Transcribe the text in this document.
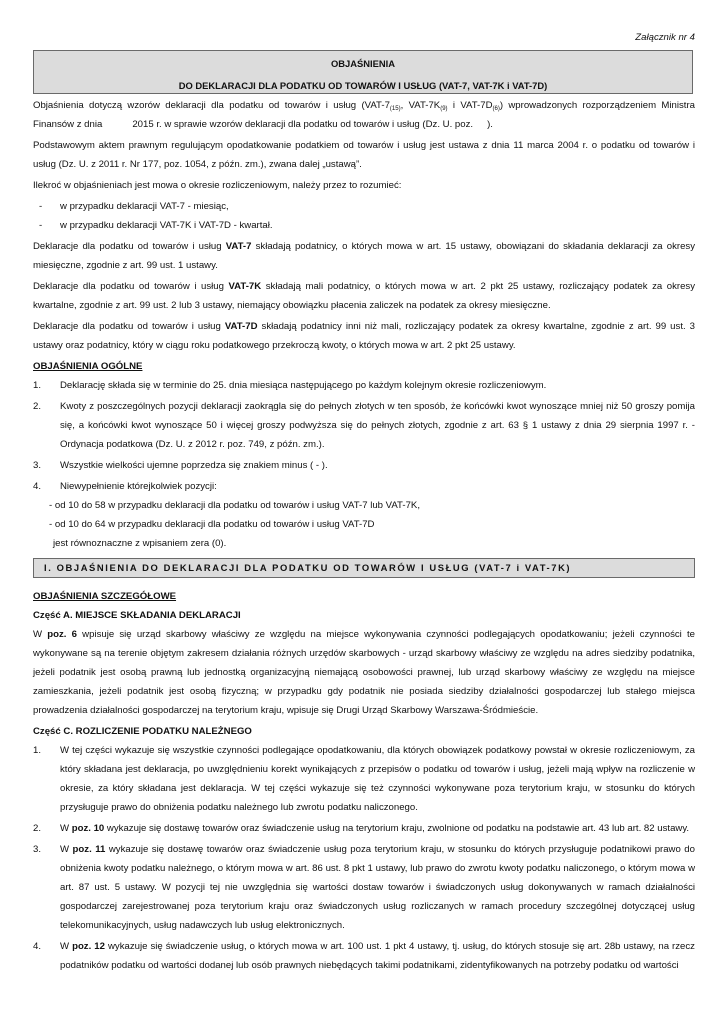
Załącznik nr 4
OBJAŚNIENIA
DO DEKLARACJI DLA PODATKU OD TOWARÓW I USŁUG (VAT-7, VAT-7K i VAT-7D)

Objaśnienia dotyczą wzorów deklaracji dla podatku od towarów i usług ($VAT-7_{(15)}$, VAT-$7K_{(9)}$ i VAT-$7D_{(6)}$) wprowadzonych rozporządzeniem Ministra Finansów z dnia	2015 r. w sprawie wzorów deklaracji dla podatku od towarów i usług (Dz. U. poz. ).

Podstawowym aktem prawnym regulującym opodatkowanie podatkiem od towarów i usług jest ustawa z dnia 11 marca 2004 r. o podatku od towarów i usług (Dz. U. z 2011 r. Nr 177, poz. 1054, z późn. zm.), zwana dalej „ustawą”.

Ilekroć w objaśnieniach jest mowa o okresie rozliczeniowym, należy przez to rozumieć:

- w przypadku deklaracji VAT-7 - miesiąc,
- w przypadku deklaracji VAT-7K i VAT-7D - kwartał.

Deklaracje dla podatku od towarów i usług VAT-7 składają podatnicy, o których mowa w art. 15 ustawy, obowiązani do składania deklaracji za okresy miesięczne, zgodnie z art. 99 ust. 1 ustawy.

Deklaracje dla podatku od towarów i usług VAT-7K składają mali podatnicy, o których mowa w art. 2 pkt 25 ustawy, rozliczający podatek za okresy kwartalne, zgodnie z art. 99 ust. 2 lub 3 ustawy, niemający obowiązku płacenia zaliczek na podatek za okresy miesięczne.

Deklaracje dla podatku od towarów i usług VAT-7D składają podatnicy inni niż mali, rozliczający podatek za okresy kwartalne, zgodnie z art. 99 ust. 3 ustawy oraz podatnicy, który w ciągu roku podatkowego przekroczą kwoty, o których mowa w art. 2 pkt 25 ustawy.

OBJAŚNIENIA OGÓLNE

1. Deklarację składa się w terminie do 25. dnia miesiąca następującego po każdym kolejnym okresie rozliczeniowym.
2. Kwoty z poszczególnych pozycji deklaracji zaokrągla się do pełnych złotych w ten sposób, że końcówki kwot wynoszące mniej niż 50 groszy pomija się, a końcówki kwot wynoszące 50 i więcej groszy podwyższa się do pełnych złotych, zgodnie z art. 63 § 1 ustawy z dnia 29 sierpnia 1997 r. - Ordynacja podatkowa (Dz. U. z 2012 r. poz. 749, z późn. zm.).
3. Wszystkie wielkości ujemne poprzedza się znakiem minus ( - ).
4. Niewypełnienie którejkolwiek pozycji:
- od 10 do 58 w przypadku deklaracji dla podatku od towarów i usług VAT-7 lub VAT-7K,
- od 10 do 64 w przypadku deklaracji dla podatku od towarów i usług VAT-7D
jest równoznaczne z wpisaniem zera (0).
I. OBJAŚNIENIA DO DEKLARACJI DLA PODATKU OD TOWARÓW I USŁUG (VAT-7 i VAT-7K)

OBJAŚNIENIA SZCZEGÓŁOWE

Część A. MIEJSCE SKŁADANIA DEKLARACJI

W poz. 6 wpisuje się urząd skarbowy właściwy ze względu na miejsce wykonywania czynności podlegających opodatkowaniu; jeżeli czynności te wykonywane są na terenie objętym zakresem działania różnych urzędów skarbowych - urząd skarbowy właściwy ze względu na adres siedziby podatnika, jeżeli podatnik jest osobą prawną lub jednostką organizacyjną niemającą osobowości prawnej, lub urząd skarbowy właściwy ze względu na miejsce zamieszkania, jeżeli podatnik jest osobą fizyczną; w przypadku gdy podatnik nie posiada siedziby działalności gospodarczej lub stałego miejsca prowadzenia działalności gospodarczej na terytorium kraju, wpisuje się Drugi Urząd Skarbowy Warszawa-Śródmieście.

Część C. ROZLICZENIE PODATKU NALEŻNEGO

1. W tej części wykazuje się wszystkie czynności podlegające opodatkowaniu, dla których obowiązek podatkowy powstał w okresie rozliczeniowym, za który składana jest deklaracja, po uwzględnieniu korekt wynikających z przepisów o podatku od towarów i usług, jeżeli mają wpływ na rozliczenie w okresie, za który składana jest deklaracja. W tej części wykazuje się też czynności wykonywane poza terytorium kraju, w stosunku do których przysługuje prawo do obniżenia podatku należnego lub zwrotu podatku naliczonego.
2. W poz. 10 wykazuje się dostawę towarów oraz świadczenie usług na terytorium kraju, zwolnione od podatku na podstawie art. 43 lub art. 82 ustawy.
3. W poz. 11 wykazuje się dostawę towarów oraz świadczenie usług poza terytorium kraju, w stosunku do których przysługuje podatnikowi prawo do obniżenia kwoty podatku należnego, o którym mowa w art. 86 ust. 8 pkt 1 ustawy, lub prawo do zwrotu kwoty podatku naliczonego, o którym mowa w art. 87 ust. 5 ustawy. W pozycji tej nie uwzględnia się wartości dostaw towarów i świadczonych usług dokonywanych w ramach działalności gospodarczej zarejestrowanej poza terytorium kraju oraz świadczonych usług rozliczanych w ramach procedury szczególnej dotyczącej usług telekomunikacyjnych, usług nadawczych lub usług elektronicznych.
4. W poz. 12 wykazuje się świadczenie usług, o których mowa w art. 100 ust. 1 pkt 4 ustawy, tj. usług, do których stosuje się art. 28b ustawy, na rzecz podatników podatku od wartości dodanej lub osób prawnych niebędących takimi podatnikami, zidentyfikowanych na potrzeby podatku od wartości
